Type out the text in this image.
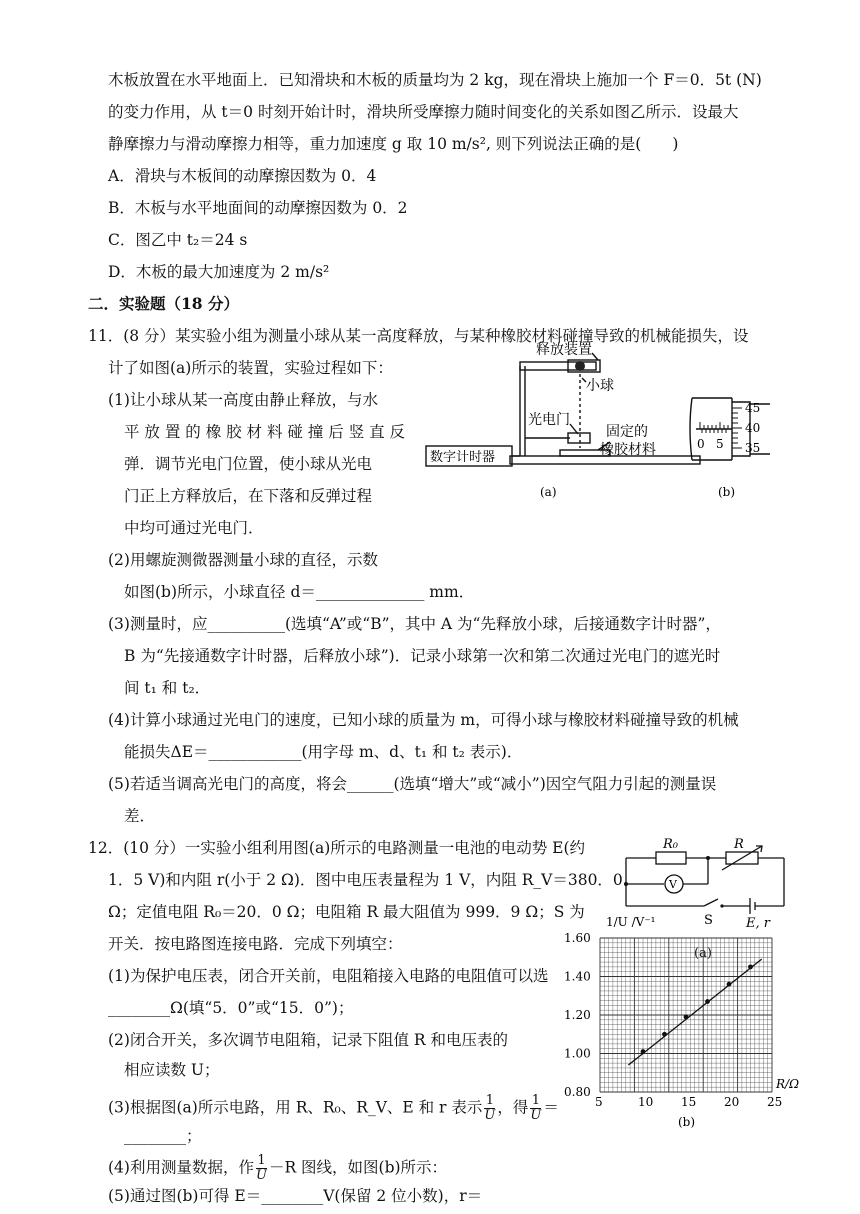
木板放置在水平地面上．已知滑块和木板的质量均为 2 kg，现在滑块上施加一个 F＝0．5t (N)
的变力作用，从 t＝0 时刻开始计时，滑块所受摩擦力随时间变化的关系如图乙所示．设最大
静摩擦力与滑动摩擦力相等，重力加速度 g 取 10 m/s², 则下列说法正确的是(　　)
A．滑块与木板间的动摩擦因数为 0．4
B．木板与水平地面间的动摩擦因数为 0．2
C．图乙中 t₂＝24 s
D．木板的最大加速度为 2 m/s²
二．实验题（18 分）
11．(8 分）某实验小组为测量小球从某一高度释放，与某种橡胶材料碰撞导致的机械能损失，设
计了如图(a)所示的装置，实验过程如下：
(1)让小球从某一高度由静止释放，与水
平 放 置 的 橡 胶 材 料 碰 撞 后 竖 直 反
弹．调节光电门位置，使小球从光电
门正上方释放后，在下落和反弹过程
中均可通过光电门．
(2)用螺旋测微器测量小球的直径，示数
如图(b)所示，小球直径 d＝______________ mm．
(3)测量时，应__________(选填“A”或“B”，其中 A 为“先释放小球，后接通数字计时器”，
B 为“先接通数字计时器，后释放小球”)．记录小球第一次和第二次通过光电门的遮光时
间 t₁ 和 t₂．
(4)计算小球通过光电门的速度，已知小球的质量为 m，可得小球与橡胶材料碰撞导致的机械
能损失ΔE＝____________(用字母 m、d、t₁ 和 t₂ 表示)．
(5)若适当调高光电门的高度，将会______(选填“增大”或“减小”)因空气阻力引起的测量误
差．
释放装置
小球
光电门
固定的
橡胶材料
数字计时器
(a)	(b)
45
40
35
0 5
12．(10 分）一实验小组利用图(a)所示的电路测量一电池的电动势 E(约
1．5 V)和内阻 r(小于 2 Ω)．图中电压表量程为 1 V，内阻 R_V＝380．0
Ω；定值电阻 R₀＝20．0 Ω；电阻箱 R 最大阻值为 999．9 Ω；S 为
开关．按电路图连接电路．完成下列填空：
(1)为保护电压表，闭合开关前，电阻箱接入电路的电阻值可以选
________Ω(填“5．0”或“15．0”)；
(2)闭合开关，多次调节电阻箱，记录下阻值 R 和电压表的
相应读数 U；
(3)根据图(a)所示电路，用 R、R₀、R_V、E 和 r 表示 $\frac{1}{U}$ ，得 $\frac{1}{U}$ ＝
________；
(4)利用测量数据，作 $\frac{1}{U} -R$ 图线，如图(b)所示：
(5)通过图(b)可得 E＝________V(保留 2 位小数)，r＝
R₀	R
V
S	E, r
(a)
5	10 15 20 25
0.80
1.00
1.20
1.40
1.60
1/U /V⁻¹
R/Ω
(b)
